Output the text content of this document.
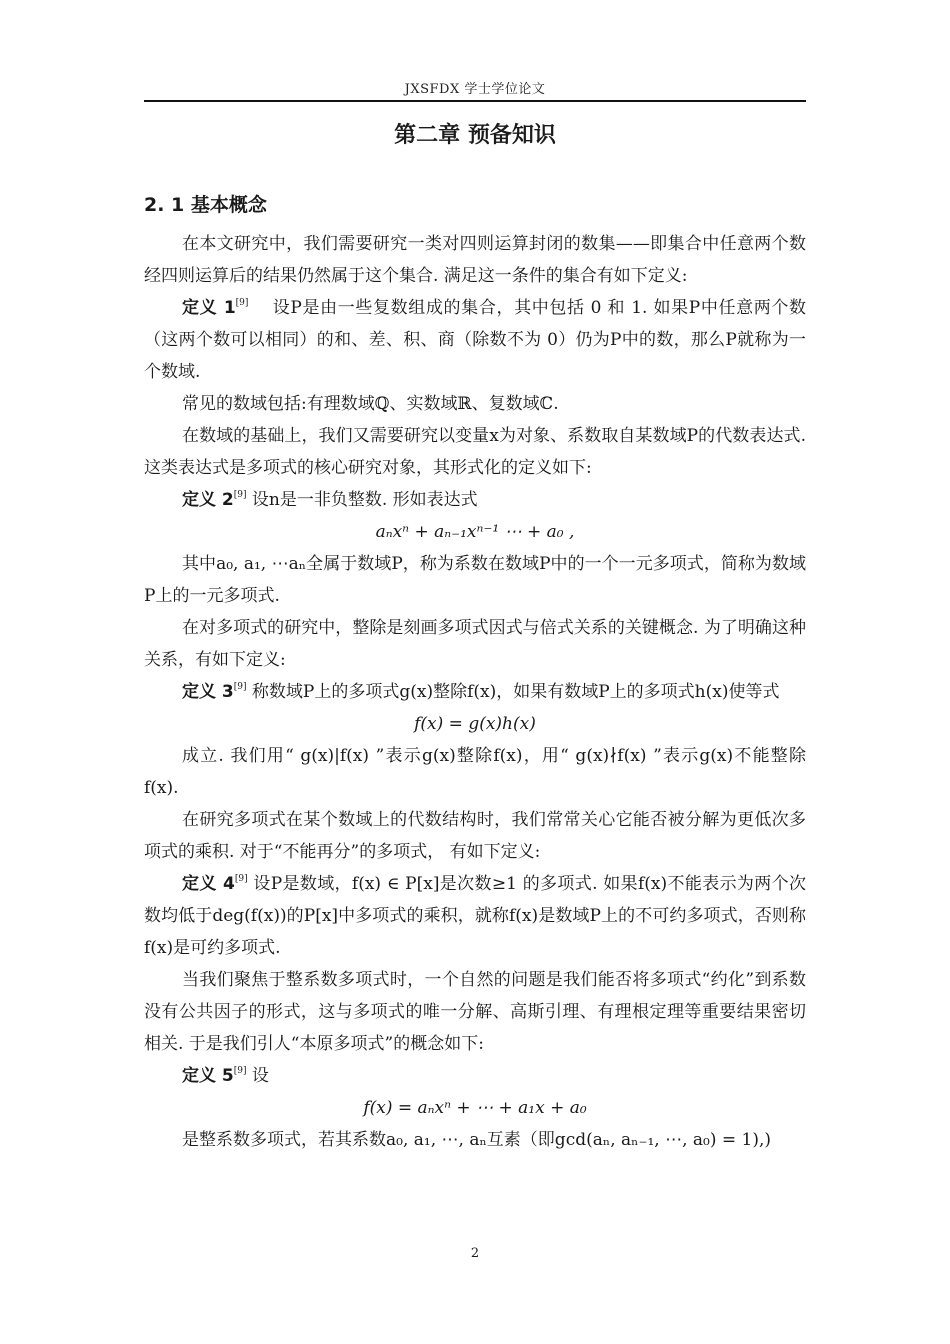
JXSFDX 学士学位论文
第二章 预备知识
2. 1 基本概念

在本文研究中，我们需要研究一类对四则运算封闭的数集——即集合中任意两个数经四则运算后的结果仍然属于这个集合. 满足这一条件的集合有如下定义:

定义 1[9]　 设P是由一些复数组成的集合，其中包括 0 和 1. 如果P中任意两个数（这两个数可以相同）的和、差、积、商（除数不为 0）仍为P中的数，那么P就称为一个数域.

常见的数域包括:有理数域ℚ、实数域ℝ、复数域ℂ.

在数域的基础上，我们又需要研究以变量x为对象、系数取自某数域P的代数表达式. 这类表达式是多项式的核心研究对象，其形式化的定义如下:

定义 2[9] 设n是一非负整数. 形如表达式

aₙxⁿ + aₙ₋₁xⁿ⁻¹ ⋯ + a₀ ,

其中a₀, a₁, ⋯aₙ全属于数域P，称为系数在数域P中的一个一元多项式，简称为数域P上的一元多项式.

在对多项式的研究中，整除是刻画多项式因式与倍式关系的关键概念. 为了明确这种关系，有如下定义:

定义 3[9] 称数域P上的多项式g(x)整除f(x)，如果有数域P上的多项式h(x)使等式

f(x) = g(x)h(x)

成立. 我们用“ g(x)|f(x) ”表示g(x)整除f(x)，用“ g(x)∤f(x) ”表示g(x)不能整除f(x).

在研究多项式在某个数域上的代数结构时，我们常常关心它能否被分解为更低次多项式的乘积. 对于“不能再分”的多项式， 有如下定义:

定义 4[9] 设P是数域，f(x) ∈ P[x]是次数≥1 的多项式. 如果f(x)不能表示为两个次数均低于deg(f(x))的P[x]中多项式的乘积，就称f(x)是数域P上的不可约多项式，否则称f(x)是可约多项式.

当我们聚焦于整系数多项式时，一个自然的问题是我们能否将多项式“约化”到系数没有公共因子的形式，这与多项式的唯一分解、高斯引理、有理根定理等重要结果密切相关. 于是我们引人“本原多项式”的概念如下:

定义 5[9] 设

f(x) = aₙxⁿ + ⋯ + a₁x + a₀

是整系数多项式，若其系数a₀, a₁, ⋯, aₙ互素（即gcd(aₙ, aₙ₋₁, ⋯, a₀) = 1),)

2
